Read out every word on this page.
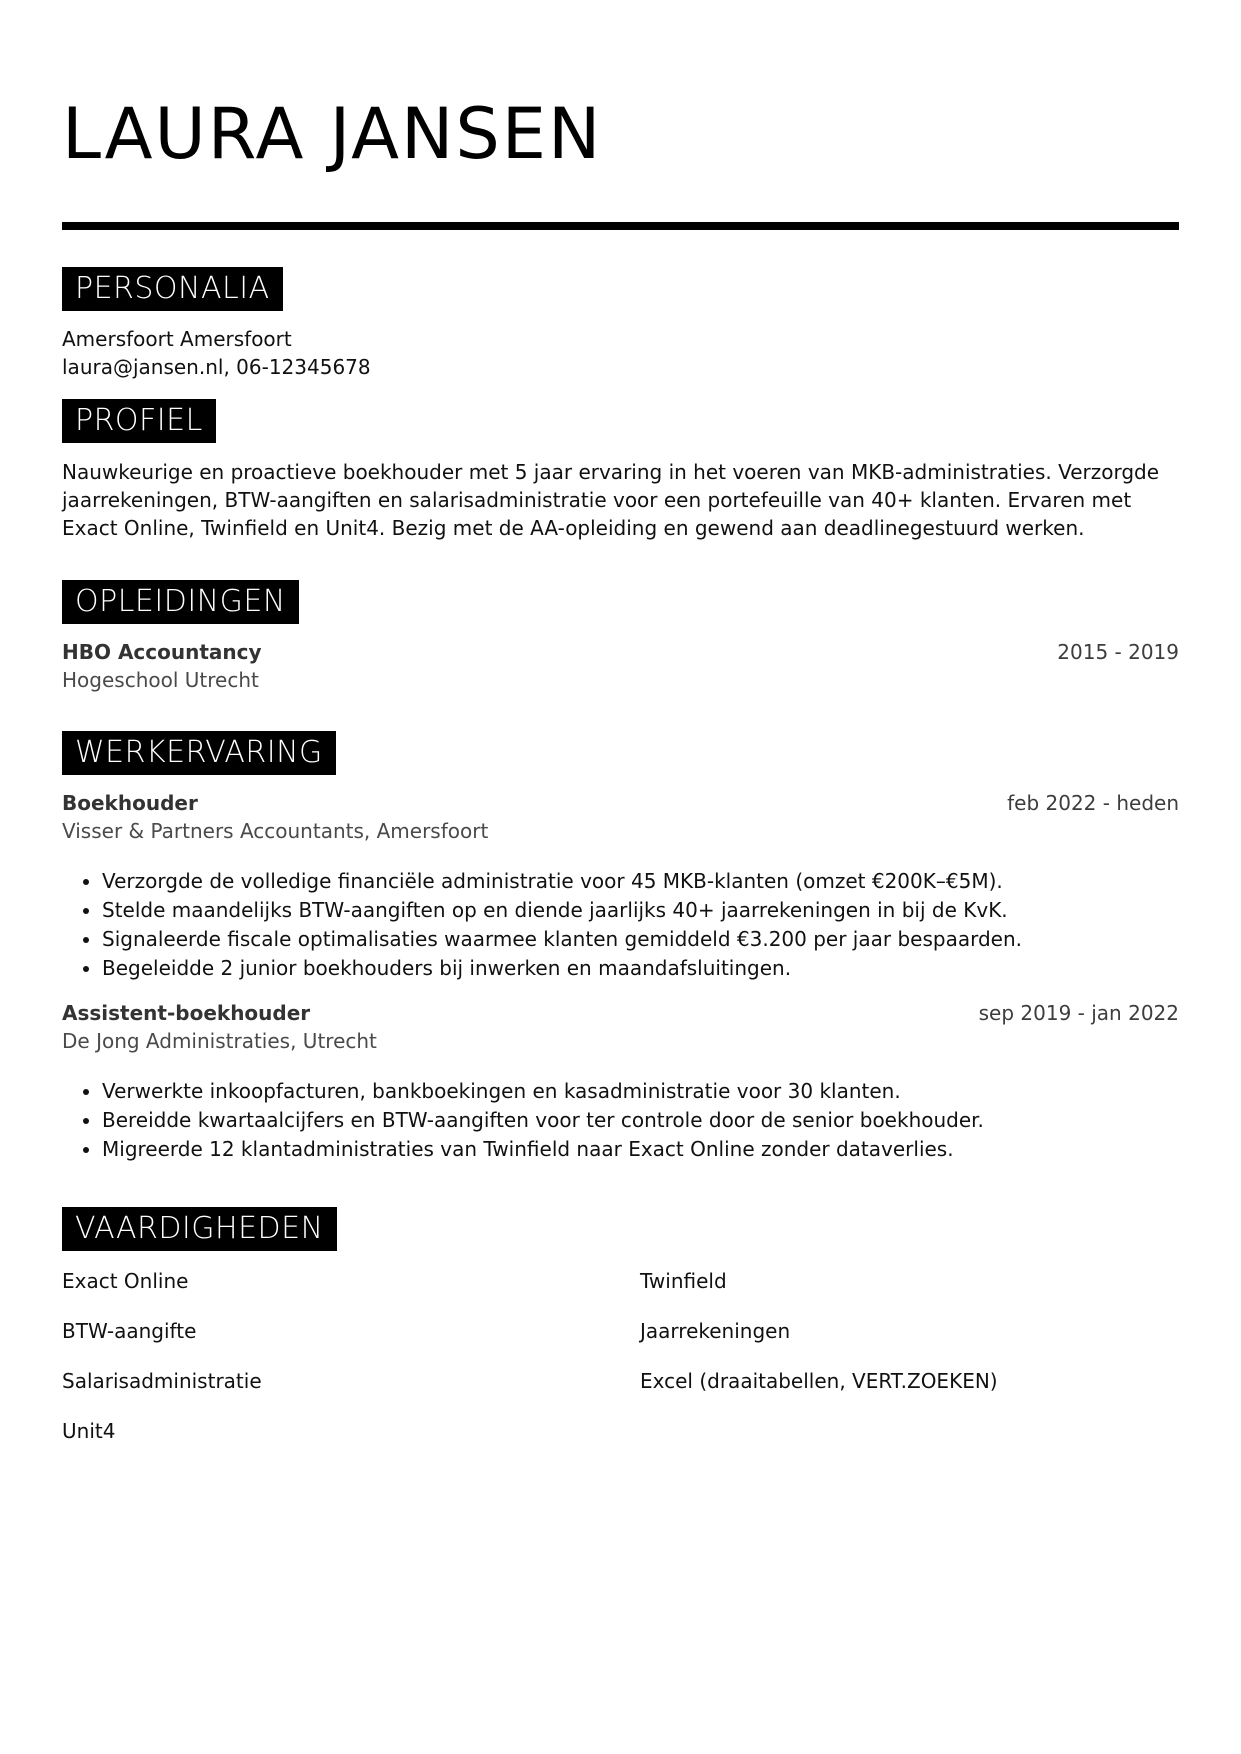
LAURA JANSEN
PERSONALIA
Amersfoort Amersfoort
laura@jansen.nl, 06-12345678
PROFIEL
Nauwkeurige en proactieve boekhouder met 5 jaar ervaring in het voeren van MKB-administraties. Verzorgde jaarrekeningen, BTW-aangiften en salarisadministratie voor een portefeuille van 40+ klanten. Ervaren met Exact Online, Twinfield en Unit4. Bezig met de AA-opleiding en gewend aan deadlinegestuurd werken.
OPLEIDINGEN
HBO Accountancy	2015 - 2019
Hogeschool Utrecht
WERKERVARING
Boekhouder	feb 2022 - heden
Visser & Partners Accountants, Amersfoort
• Verzorgde de volledige financiële administratie voor 45 MKB-klanten (omzet €200K–€5M).
• Stelde maandelijks BTW-aangiften op en diende jaarlijks 40+ jaarrekeningen in bij de KvK.
• Signaleerde fiscale optimalisaties waarmee klanten gemiddeld €3.200 per jaar bespaarden.
• Begeleidde 2 junior boekhouders bij inwerken en maandafsluitingen.
Assistent-boekhouder	sep 2019 - jan 2022
De Jong Administraties, Utrecht
• Verwerkte inkoopfacturen, bankboekingen en kasadministratie voor 30 klanten.
• Bereidde kwartaalcijfers en BTW-aangiften voor ter controle door de senior boekhouder.
• Migreerde 12 klantadministraties van Twinfield naar Exact Online zonder dataverlies.
VAARDIGHEDEN
Exact Online	Twinfield
BTW-aangifte	Jaarrekeningen
Salarisadministratie	Excel (draaitabellen, VERT.ZOEKEN)
Unit4
